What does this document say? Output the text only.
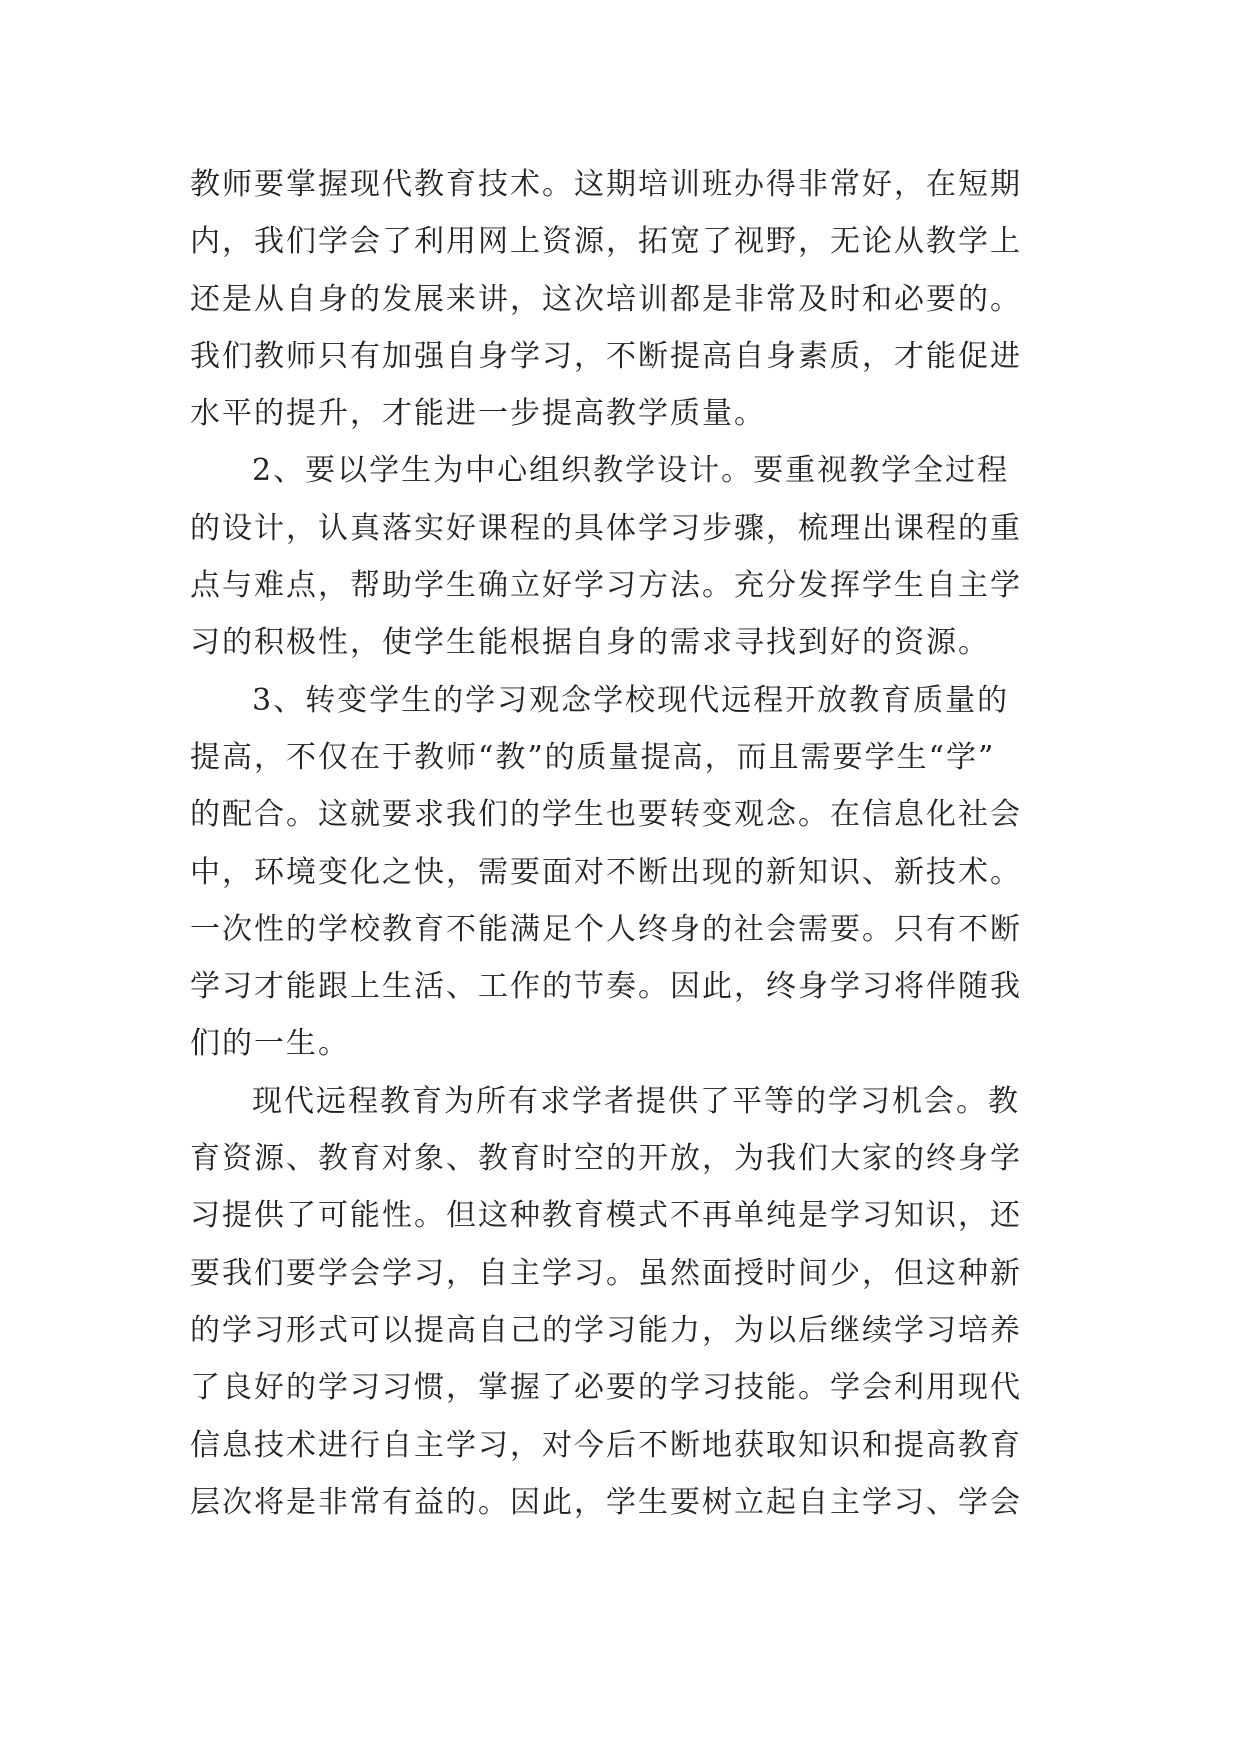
教师要掌握现代教育技术。这期培训班办得非常好，在短期
内，我们学会了利用网上资源，拓宽了视野，无论从教学上
还是从自身的发展来讲，这次培训都是非常及时和必要的。
我们教师只有加强自身学习，不断提高自身素质，才能促进
水平的提升，才能进一步提高教学质量。
2、要以学生为中心组织教学设计。要重视教学全过程
的设计，认真落实好课程的具体学习步骤，梳理出课程的重
点与难点，帮助学生确立好学习方法。充分发挥学生自主学
习的积极性，使学生能根据自身的需求寻找到好的资源。
3、转变学生的学习观念学校现代远程开放教育质量的
提高，不仅在于教师“教”的质量提高，而且需要学生“学”
的配合。这就要求我们的学生也要转变观念。在信息化社会
中，环境变化之快，需要面对不断出现的新知识、新技术。
一次性的学校教育不能满足个人终身的社会需要。只有不断
学习才能跟上生活、工作的节奏。因此，终身学习将伴随我
们的一生。
现代远程教育为所有求学者提供了平等的学习机会。教
育资源、教育对象、教育时空的开放，为我们大家的终身学
习提供了可能性。但这种教育模式不再单纯是学习知识，还
要我们要学会学习，自主学习。虽然面授时间少，但这种新
的学习形式可以提高自己的学习能力，为以后继续学习培养
了良好的学习习惯，掌握了必要的学习技能。学会利用现代
信息技术进行自主学习，对今后不断地获取知识和提高教育
层次将是非常有益的。因此，学生要树立起自主学习、学会
